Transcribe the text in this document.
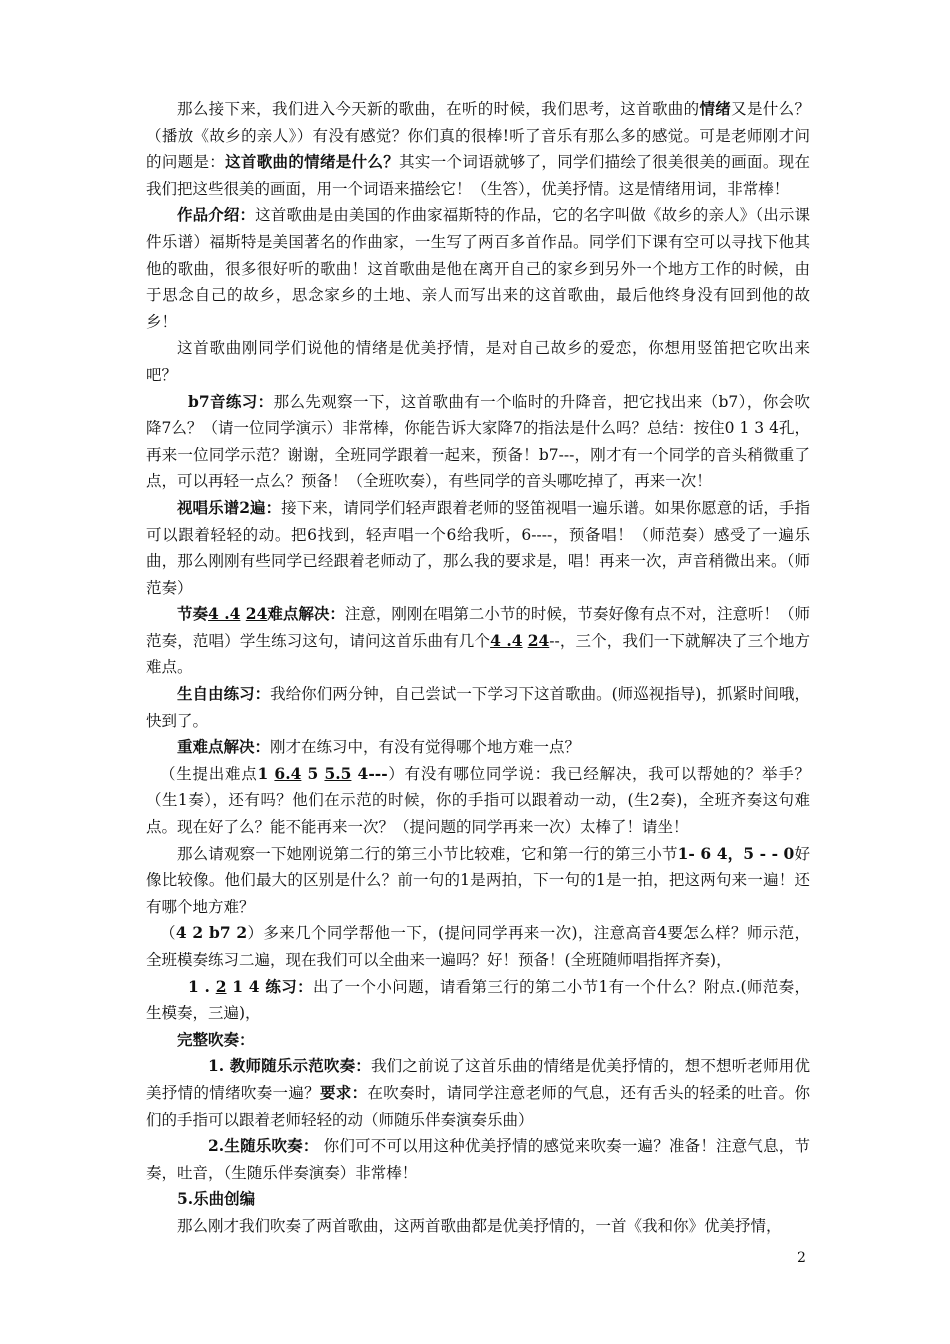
那么接下来，我们进入今天新的歌曲，在听的时候，我们思考，这首歌曲的情绪又是什么？（播放《故乡的亲人》）有没有感觉？你们真的很棒!听了音乐有那么多的感觉。可是老师刚才问的问题是：这首歌曲的情绪是什么？其实一个词语就够了，同学们描绘了很美很美的画面。现在我们把这些很美的画面，用一个词语来描绘它！（生答），优美抒情。这是情绪用词，非常棒！

作品介绍：这首歌曲是由美国的作曲家福斯特的作品，它的名字叫做《故乡的亲人》（出示课件乐谱）福斯特是美国著名的作曲家，一生写了两百多首作品。同学们下课有空可以寻找下他其他的歌曲，很多很好听的歌曲！这首歌曲是他在离开自己的家乡到另外一个地方工作的时候，由于思念自己的故乡，思念家乡的土地、亲人而写出来的这首歌曲，最后他终身没有回到他的故乡！

这首歌曲刚同学们说他的情绪是优美抒情，是对自己故乡的爱恋，你想用竖笛把它吹出来吧？

b7音练习：那么先观察一下，这首歌曲有一个临时的升降音，把它找出来（b7），你会吹降7么？（请一位同学演示）非常棒，你能告诉大家降7的指法是什么吗？总结：按住0 1 3 4孔，再来一位同学示范？谢谢，全班同学跟着一起来，预备！b7---，刚才有一个同学的音头稍微重了点，可以再轻一点么？预备！（全班吹奏），有些同学的音头哪吃掉了，再来一次！

视唱乐谱2遍：接下来，请同学们轻声跟着老师的竖笛视唱一遍乐谱。如果你愿意的话，手指可以跟着轻轻的动。把6找到，轻声唱一个6给我听，6----，预备唱！（师范奏）感受了一遍乐曲，那么刚刚有些同学已经跟着老师动了，那么我的要求是，唱！再来一次，声音稍微出来。（师范奏）

节奏4 .4 24难点解决：注意，刚刚在唱第二小节的时候，节奏好像有点不对，注意听！（师范奏，范唱）学生练习这句，请问这首乐曲有几个4 .4 24--，三个，我们一下就解决了三个地方难点。

生自由练习：我给你们两分钟，自己尝试一下学习下这首歌曲。(师巡视指导)，抓紧时间哦，快到了。

重难点解决：刚才在练习中，有没有觉得哪个地方难一点？

（生提出难点1 6.4 5 5.5 4---）有没有哪位同学说：我已经解决，我可以帮她的？举手？（生1奏），还有吗？他们在示范的时候，你的手指可以跟着动一动，(生2奏)，全班齐奏这句难点。现在好了么？能不能再来一次？（提问题的同学再来一次）太棒了！请坐！

那么请观察一下她刚说第二行的第三小节比较难，它和第一行的第三小节1- 6 4，5 - - 0好像比较像。他们最大的区别是什么？前一句的1是两拍，下一句的1是一拍，把这两句来一遍！还有哪个地方难？

（4 2 b7 2）多来几个同学帮他一下，(提问同学再来一次)，注意高音4要怎么样？师示范，全班模奏练习二遍，现在我们可以全曲来一遍吗？好！预备！(全班随师唱指挥齐奏)，

1 . 2 1 4 练习：出了一个小问题，请看第三行的第二小节1有一个什么？附点.(师范奏，生模奏，三遍)，

完整吹奏：

1. 教师随乐示范吹奏：我们之前说了这首乐曲的情绪是优美抒情的，想不想听老师用优美抒情的情绪吹奏一遍？要求：在吹奏时，请同学注意老师的气息，还有舌头的轻柔的吐音。你们的手指可以跟着老师轻轻的动（师随乐伴奏演奏乐曲）

2.生随乐吹奏： 你们可不可以用这种优美抒情的感觉来吹奏一遍？准备！注意气息，节奏，吐音，（生随乐伴奏演奏）非常棒！

5.乐曲创编

那么刚才我们吹奏了两首歌曲，这两首歌曲都是优美抒情的，一首《我和你》优美抒情，

2
